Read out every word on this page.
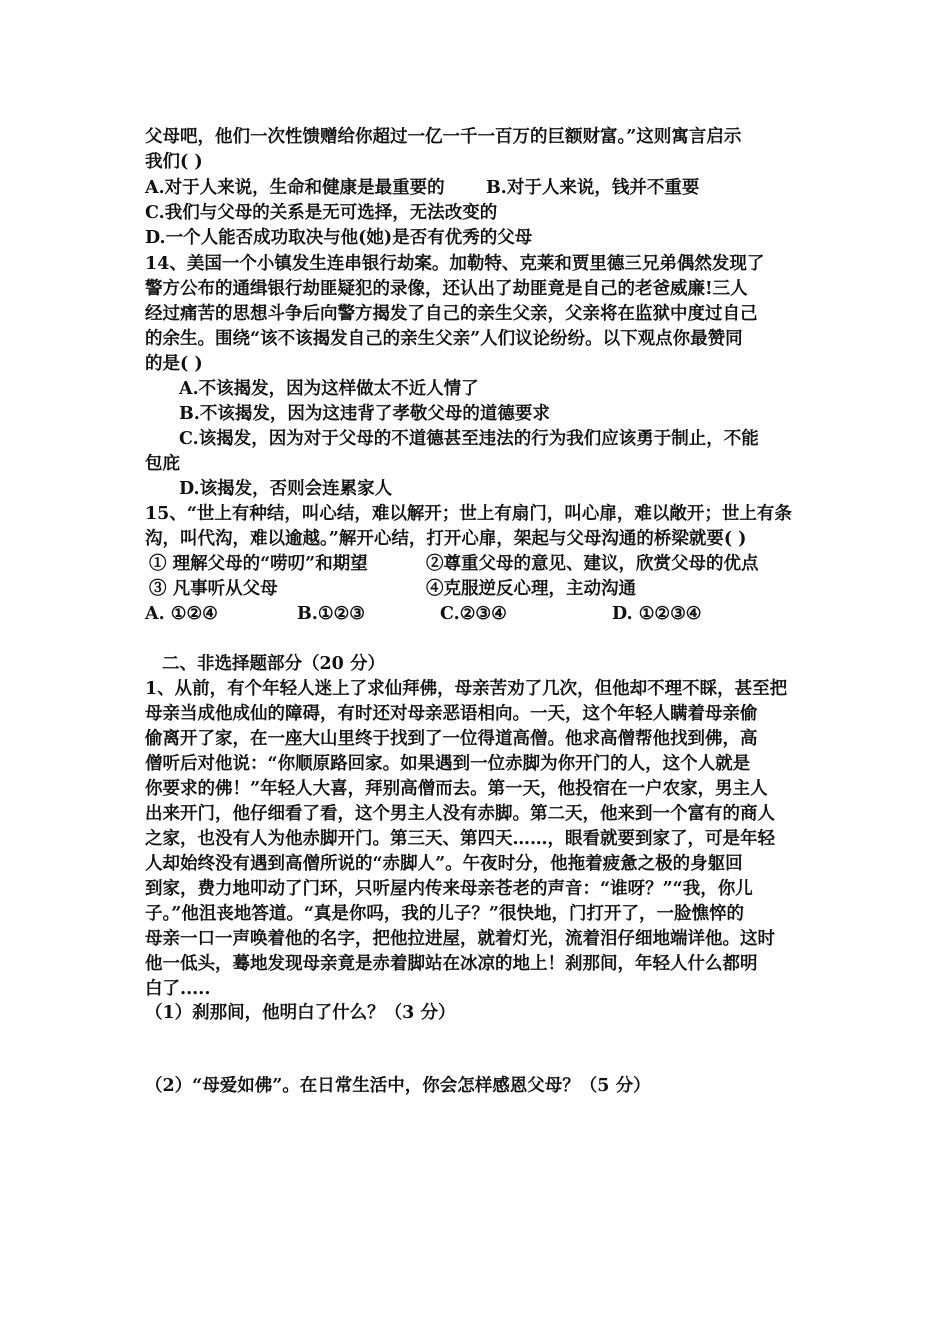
父母吧，他们一次性馈赠给你超过一亿一千一百万的巨额财富。”这则寓言启示
我们( )
A.对于人来说，生命和健康是最重要的 B.对于人来说，钱并不重要
C.我们与父母的关系是无可选择，无法改变的
D.一个人能否成功取决与他(她)是否有优秀的父母
14、美国一个小镇发生连串银行劫案。加勒特、克莱和贾里德三兄弟偶然发现了
警方公布的通缉银行劫匪疑犯的录像，还认出了劫匪竟是自己的老爸威廉!三人
经过痛苦的思想斗争后向警方揭发了自己的亲生父亲，父亲将在监狱中度过自己
的余生。围绕“该不该揭发自己的亲生父亲”人们议论纷纷。以下观点你最赞同
的是( )
A.不该揭发，因为这样做太不近人情了
B.不该揭发，因为这违背了孝敬父母的道德要求
C.该揭发，因为对于父母的不道德甚至违法的行为我们应该勇于制止，不能
包庇
D.该揭发，否则会连累家人
15、“世上有种结，叫心结，难以解开；世上有扇门，叫心扉，难以敞开；世上有条
沟，叫代沟，难以逾越。”解开心结，打开心扉，架起与父母沟通的桥梁就要( )
① 理解父母的“唠叨”和期望	②尊重父母的意见、建议，欣赏父母的优点
③ 凡事听从父母	④克服逆反心理，主动沟通
A. ①②④	B.①②③	C.②③④	D. ①②③④
二、非选择题部分（20 分）
1、从前，有个年轻人迷上了求仙拜佛，母亲苦劝了几次，但他却不理不睬，甚至把
母亲当成他成仙的障碍，有时还对母亲恶语相向。一天，这个年轻人瞒着母亲偷
偷离开了家，在一座大山里终于找到了一位得道高僧。他求高僧帮他找到佛，高
僧听后对他说：“你顺原路回家。如果遇到一位赤脚为你开门的人，这个人就是
你要求的佛！”年轻人大喜，拜别高僧而去。第一天，他投宿在一户农家，男主人
出来开门，他仔细看了看，这个男主人没有赤脚。第二天，他来到一个富有的商人
之家，也没有人为他赤脚开门。第三天、第四天……，眼看就要到家了，可是年轻
人却始终没有遇到高僧所说的“赤脚人”。午夜时分，他拖着疲惫之极的身躯回
到家，费力地叩动了门环，只听屋内传来母亲苍老的声音：“谁呀？”“我，你儿
子。”他沮丧地答道。“真是你吗，我的儿子？”很快地，门打开了，一脸憔悴的
母亲一口一声唤着他的名字，把他拉进屋，就着灯光，流着泪仔细地端详他。这时
他一低头，蓦地发现母亲竟是赤着脚站在冰凉的地上！刹那间，年轻人什么都明
白了.....
（1）刹那间，他明白了什么？（3 分）
（2）“母爱如佛”。在日常生活中，你会怎样感恩父母？（5 分）
